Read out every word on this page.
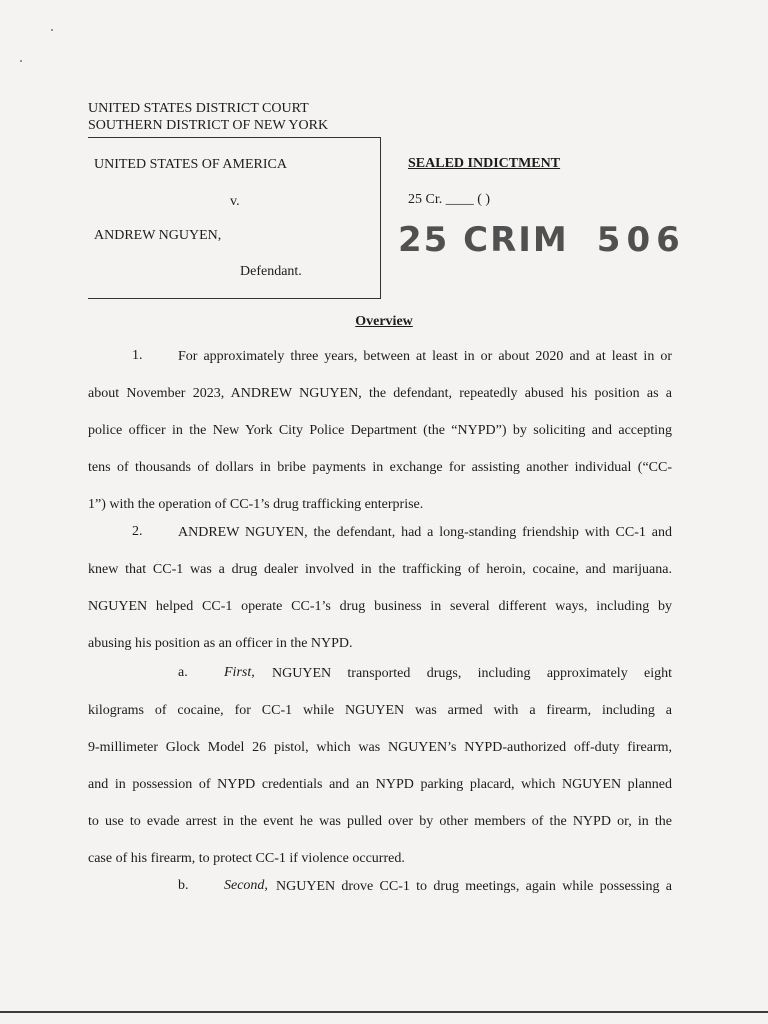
UNITED STATES DISTRICT COURT
SOUTHERN DISTRICT OF NEW YORK
UNITED STATES OF AMERICA
v.
ANDREW NGUYEN,
Defendant.
SEALED INDICTMENT
25 Cr. ____ ( )
25 CRIM 506
Overview
1.	For approximately three years, between at least in or about 2020 and at least in or
about November 2023, ANDREW NGUYEN, the defendant, repeatedly abused his position as a
police officer in the New York City Police Department (the “NYPD”) by soliciting and accepting
tens of thousands of dollars in bribe payments in exchange for assisting another individual (“CC-
1”) with the operation of CC-1’s drug trafficking enterprise.
2.	ANDREW NGUYEN, the defendant, had a long-standing friendship with CC-1 and
knew that CC-1 was a drug dealer involved in the trafficking of heroin, cocaine, and marijuana.
NGUYEN helped CC-1 operate CC-1’s drug business in several different ways, including by
abusing his position as an officer in the NYPD.
a.	First, NGUYEN transported drugs, including approximately eight
kilograms of cocaine, for CC-1 while NGUYEN was armed with a firearm, including a
9-millimeter Glock Model 26 pistol, which was NGUYEN’s NYPD-authorized off-duty firearm,
and in possession of NYPD credentials and an NYPD parking placard, which NGUYEN planned
to use to evade arrest in the event he was pulled over by other members of the NYPD or, in the
case of his firearm, to protect CC-1 if violence occurred.
b.	Second, NGUYEN drove CC-1 to drug meetings, again while possessing a
